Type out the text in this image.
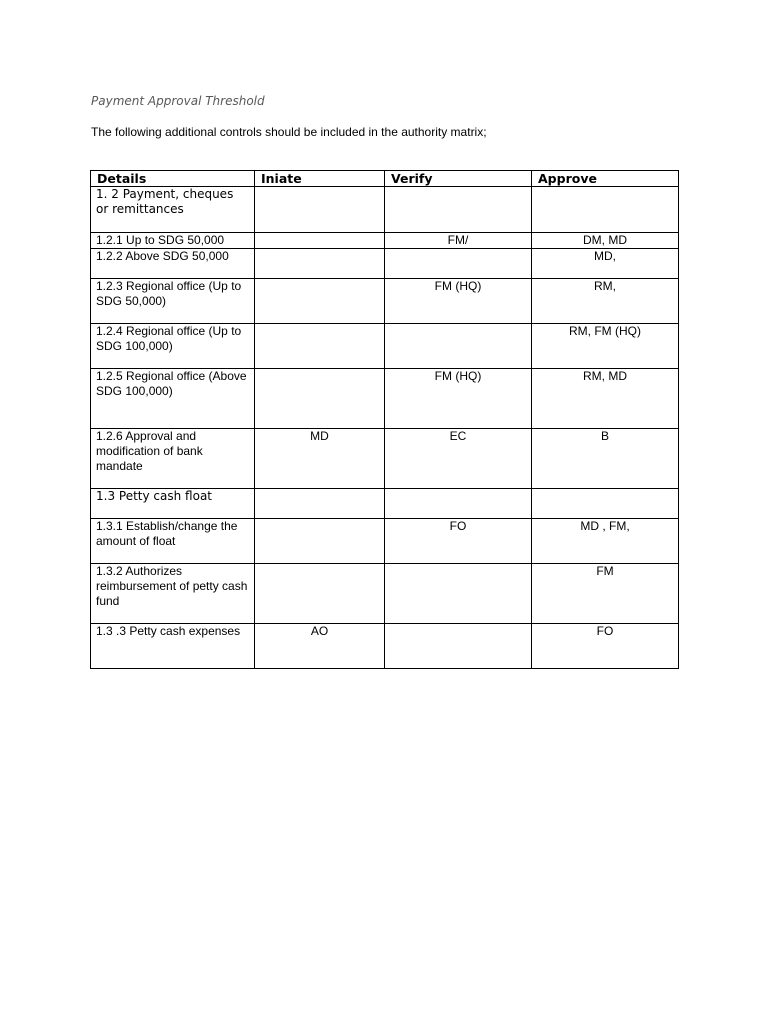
Payment Approval Threshold
The following additional controls should be included in the authority matrix;
Details	Iniate	Verify	Approve
1. 2 Payment, cheques or remittances			
1.2.1 Up to SDG 50,000		FM/	DM, MD
1.2.2 Above SDG 50,000			MD,
1.2.3 Regional office (Up to SDG 50,000)		FM (HQ)	RM,
1.2.4 Regional office (Up to SDG 100,000)			RM, FM (HQ)
1.2.5 Regional office (Above SDG 100,000)		FM (HQ)	RM, MD
1.2.6 Approval and modification of bank mandate	MD	EC	B
1.3 Petty cash float			
1.3.1 Establish/change the amount of float		FO	MD , FM,
1.3.2 Authorizes reimbursement of petty cash fund			FM
1.3 .3 Petty cash expenses	AO		FO
